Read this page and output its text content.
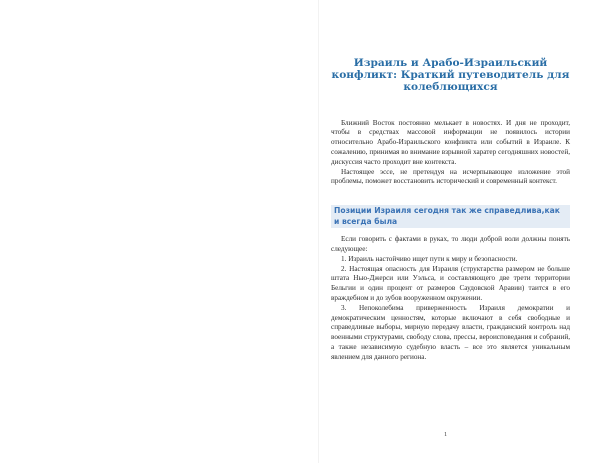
Израиль и Арабо-Израильский
конфликт: Краткий путеводитель для
колеблющихся

Ближний Восток постоянно мелькает в новостях. И дня не проходит, чтобы в средствах массовой информации не появилось истории относительно Арабо-Израильского конфликта или событий в Израиле. К сожалению, принимая во внимание взрывной харатер сегодняшних новостей, дискуссия часто проходит вне контекста.

Настоящее эссе, не претендуя на исчерпывающее изложение этой проблемы, поможет восстановить исторический и современный контекст.

Позиции Израиля сегодня так же справедлива,как и всегда была

Если говорить с фактами в руках, то люди доброй воли должны понять следующее:

1. Израиль настойчиво ищет пути к миру и безопасности.

2. Настоящая опасность для Израиля (структарства размером не больше штата Нью-Джерси или Уэльса, и составляющего две трети территории Бельгии и один процент от размеров Саудовской Аравии) таится в его враждебном и до зубов вооруженном окружении.

3. Непоколебима приверженность Израиля демократии и демократическим ценностям, которые включают в себя свободные и справедливые выборы, мирную передачу власти, гражданский контроль над военными структурами, свободу слова, прессы, вероисповедания и собраний, а также независимую судебную власть – все это является уникальным явлением для данного региона.

1
